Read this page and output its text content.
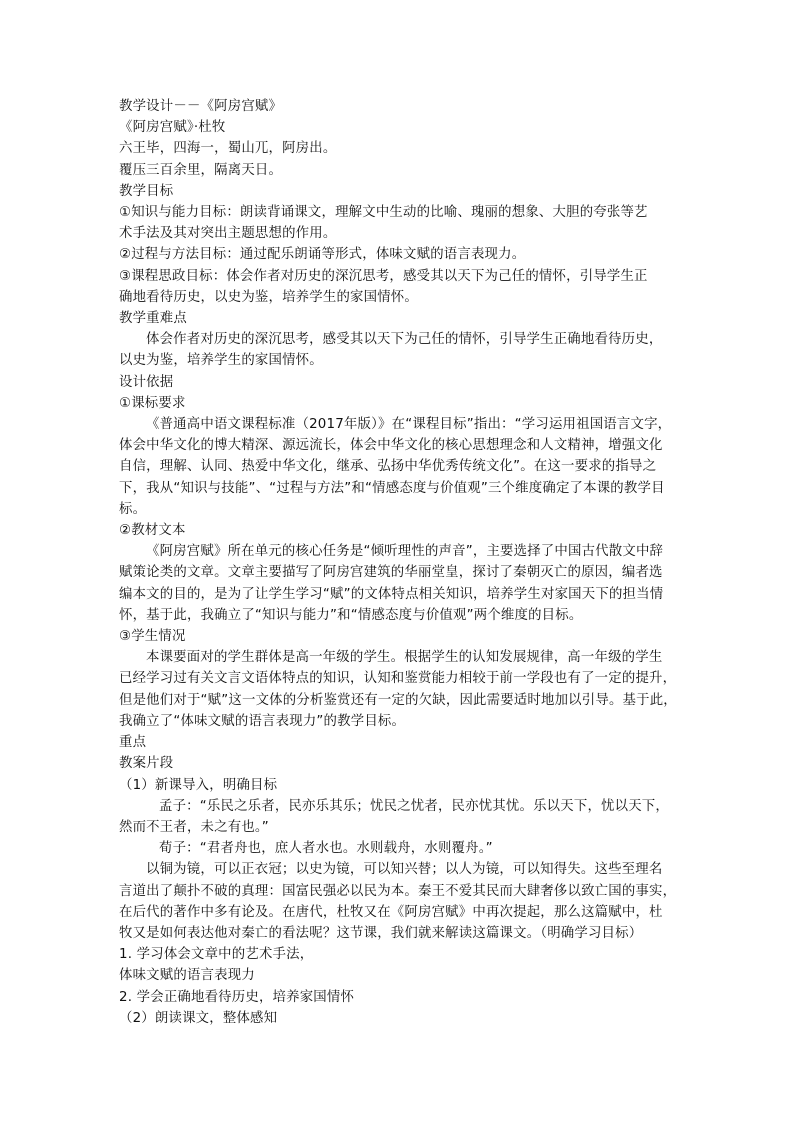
教学设计－－《阿房宫赋》

《阿房宫赋》·杜牧

六王毕，四海一，蜀山兀，阿房出。

覆压三百余里，隔离天日。

教学目标

①知识与能力目标：朗读背诵课文，理解文中生动的比喻、瑰丽的想象、大胆的夸张等艺

术手法及其对突出主题思想的作用。

②过程与方法目标：通过配乐朗诵等形式，体味文赋的语言表现力。

③课程思政目标：体会作者对历史的深沉思考，感受其以天下为己任的情怀，引导学生正

确地看待历史，以史为鉴，培养学生的家国情怀。

教学重难点

体会作者对历史的深沉思考，感受其以天下为己任的情怀，引导学生正确地看待历史，

以史为鉴，培养学生的家国情怀。

设计依据

①课标要求

《普通高中语文课程标准（2017年版）》在“课程目标”指出：“学习运用祖国语言文字，

体会中华文化的博大精深、源远流长，体会中华文化的核心思想理念和人文精神，增强文化

自信，理解、认同、热爱中华文化，继承、弘扬中华优秀传统文化”。在这一要求的指导之

下，我从“知识与技能”、“过程与方法”和“情感态度与价值观”三个维度确定了本课的教学目

标。

②教材文本

《阿房宫赋》所在单元的核心任务是“倾听理性的声音”，主要选择了中国古代散文中辞

赋策论类的文章。文章主要描写了阿房宫建筑的华丽堂皇，探讨了秦朝灭亡的原因，编者选

编本文的目的，是为了让学生学习“赋”的文体特点相关知识，培养学生对家国天下的担当情

怀，基于此，我确立了“知识与能力”和“情感态度与价值观”两个维度的目标。

③学生情况

本课要面对的学生群体是高一年级的学生。根据学生的认知发展规律，高一年级的学生

已经学习过有关文言文语体特点的知识，认知和鉴赏能力相较于前一学段也有了一定的提升，

但是他们对于“赋”这一文体的分析鉴赏还有一定的欠缺，因此需要适时地加以引导。基于此，

我确立了“体味文赋的语言表现力”的教学目标。

重点

教案片段

（1）新课导入，明确目标

孟子：“乐民之乐者，民亦乐其乐；忧民之忧者，民亦忧其忧。乐以天下，忧以天下，

然而不王者，未之有也。”

荀子：“君者舟也，庶人者水也。水则载舟，水则覆舟。”

以铜为镜，可以正衣冠；以史为镜，可以知兴替；以人为镜，可以知得失。这些至理名

言道出了颠扑不破的真理：国富民强必以民为本。秦王不爱其民而大肆奢侈以致亡国的事实，

在后代的著作中多有论及。在唐代，杜牧又在《阿房宫赋》中再次提起，那么这篇赋中，杜

牧又是如何表达他对秦亡的看法呢？这节课，我们就来解读这篇课文。（明确学习目标）

1. 学习体会文章中的艺术手法，

体味文赋的语言表现力

2. 学会正确地看待历史，培养家国情怀

（2）朗读课文，整体感知
